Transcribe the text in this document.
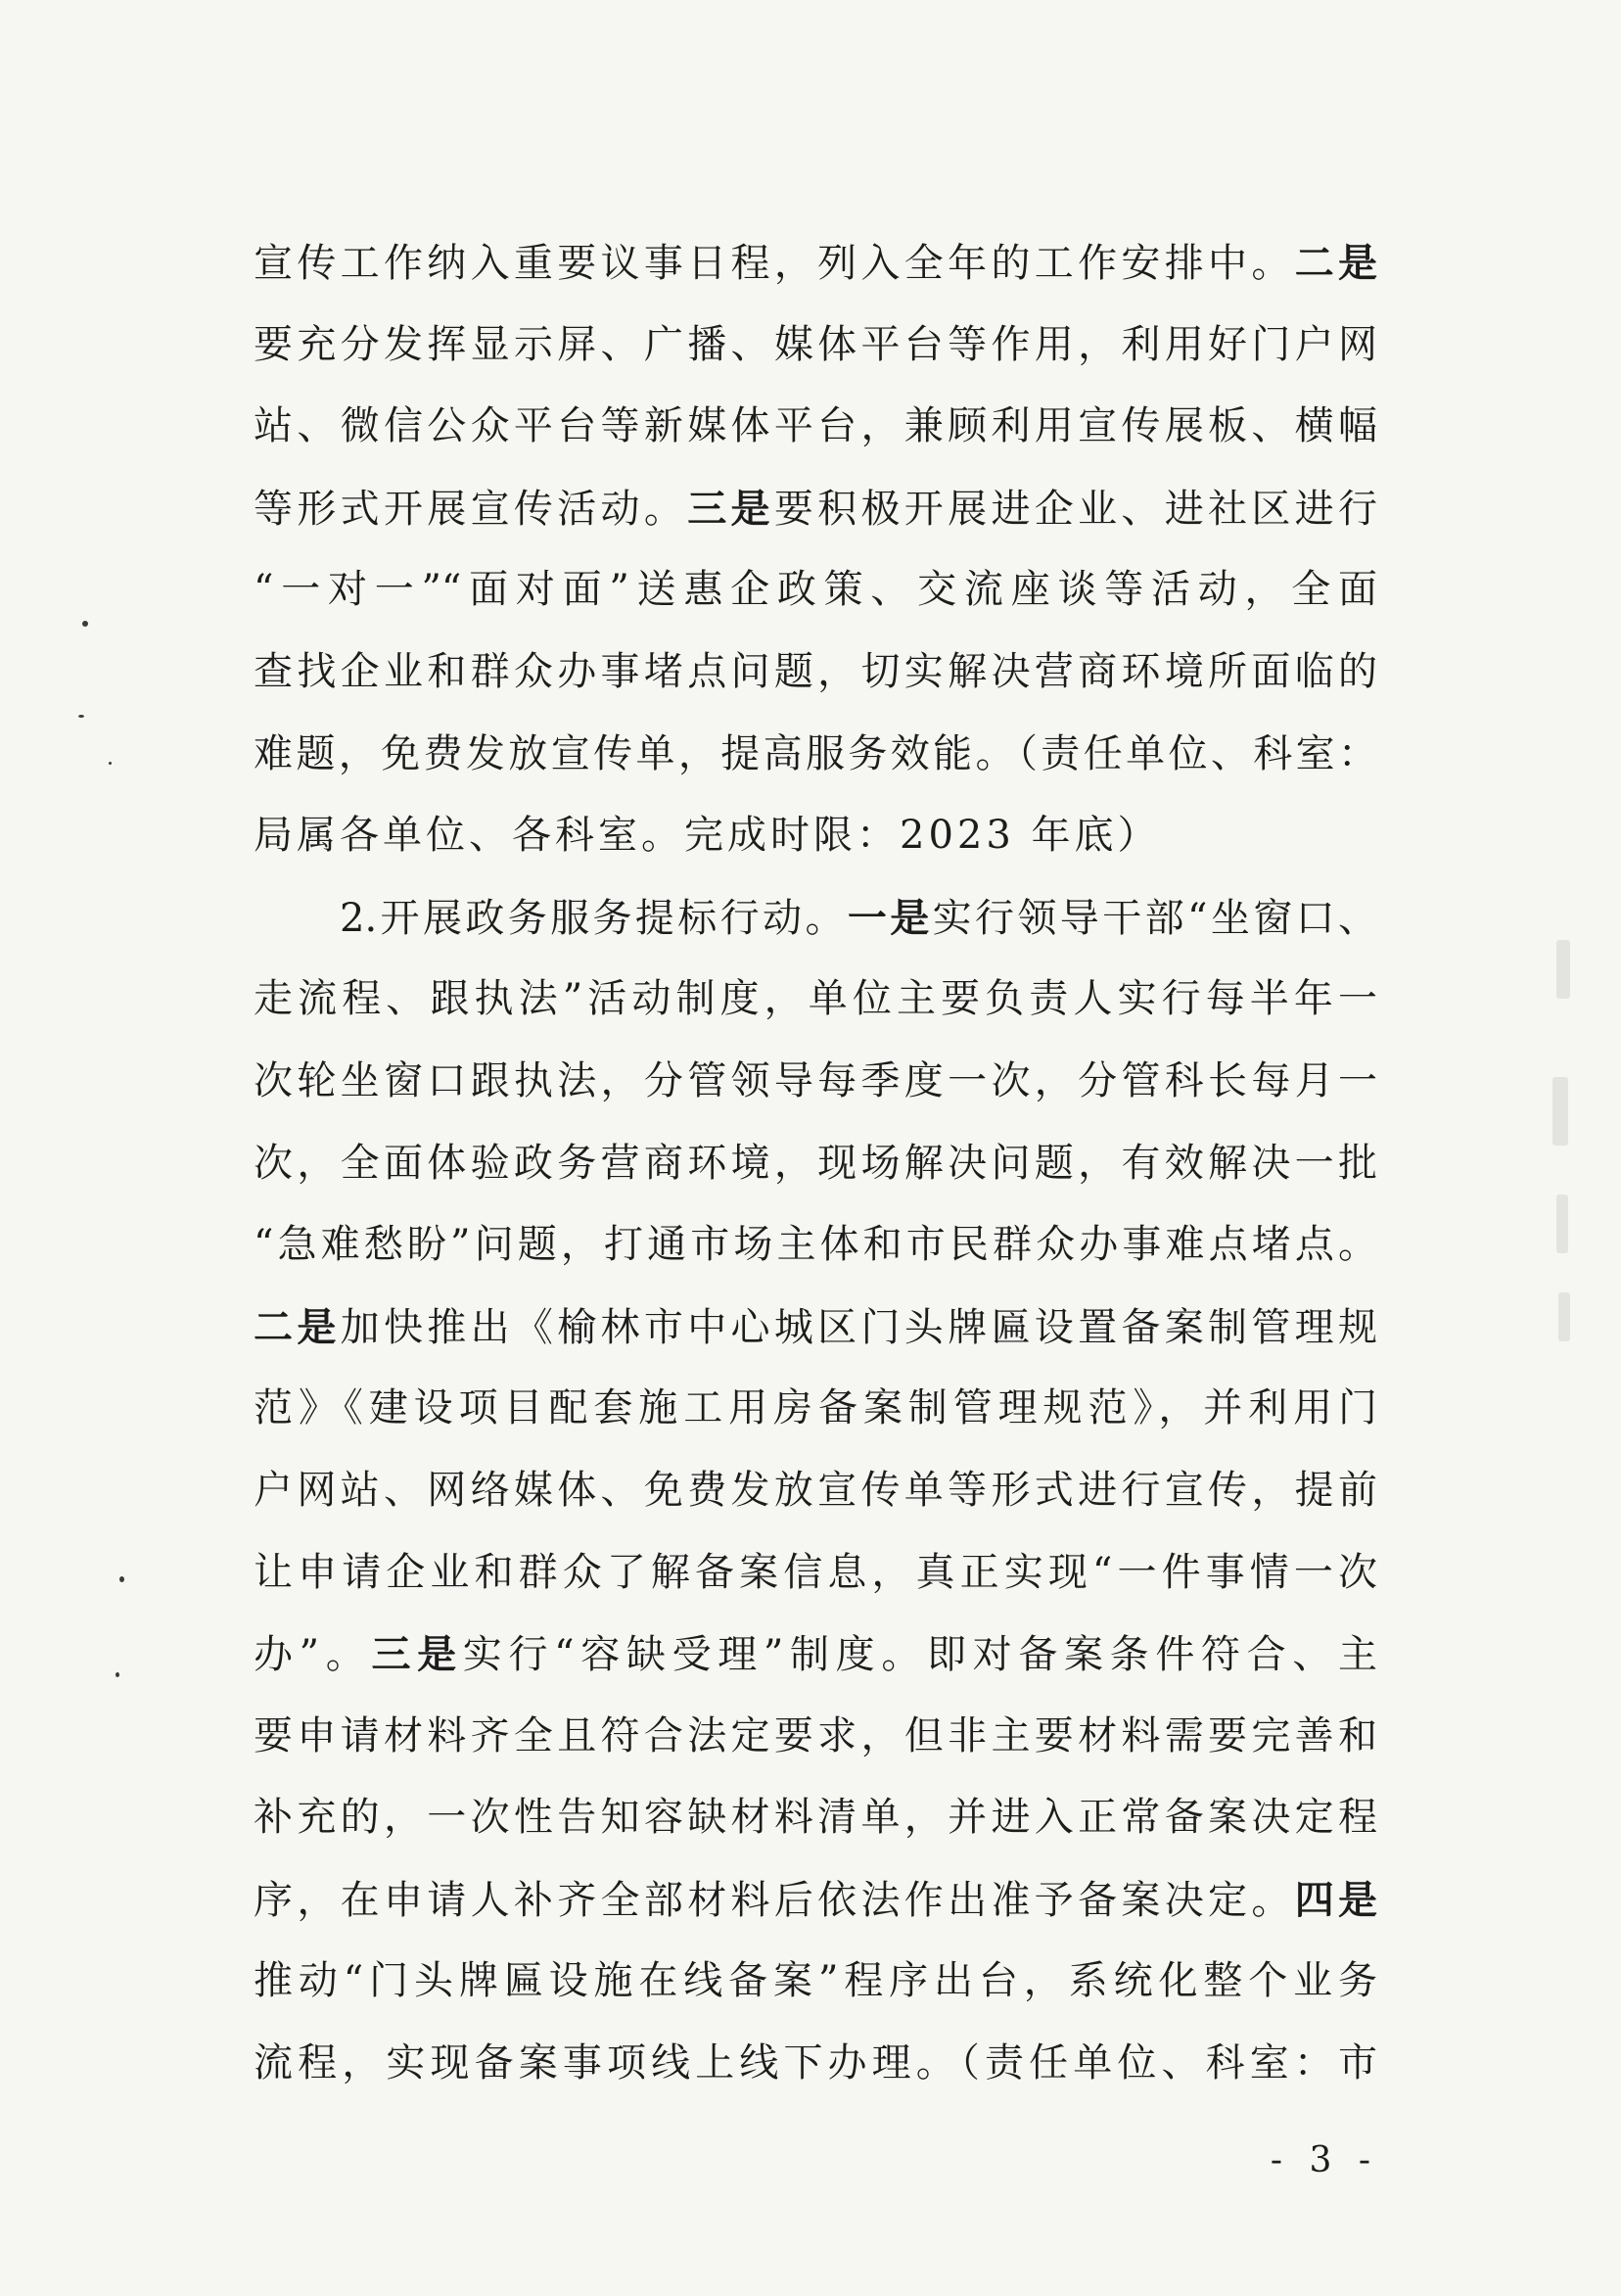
宣传工作纳入重要议事日程，列入全年的工作安排中。二是
要充分发挥显示屏、广播、媒体平台等作用，利用好门户网
站、微信公众平台等新媒体平台，兼顾利用宣传展板、横幅
等形式开展宣传活动。三是要积极开展进企业、进社区进行
“一对一”“面对面”送惠企政策、交流座谈等活动，全面
查找企业和群众办事堵点问题，切实解决营商环境所面临的
难题，免费发放宣传单，提高服务效能。（责任单位、科室：
局属各单位、各科室。完成时限：2023 年底）
2.开展政务服务提标行动。一是实行领导干部“坐窗口、
走流程、跟执法”活动制度，单位主要负责人实行每半年一
次轮坐窗口跟执法，分管领导每季度一次，分管科长每月一
次，全面体验政务营商环境，现场解决问题，有效解决一批
“急难愁盼”问题，打通市场主体和市民群众办事难点堵点。
二是加快推出《榆林市中心城区门头牌匾设置备案制管理规
范》《建设项目配套施工用房备案制管理规范》，并利用门
户网站、网络媒体、免费发放宣传单等形式进行宣传，提前
让申请企业和群众了解备案信息，真正实现“一件事情一次
办”。三是实行“容缺受理”制度。即对备案条件符合、主
要申请材料齐全且符合法定要求，但非主要材料需要完善和
补充的，一次性告知容缺材料清单，并进入正常备案决定程
序，在申请人补齐全部材料后依法作出准予备案决定。四是
推动“门头牌匾设施在线备案”程序出台，系统化整个业务
流程，实现备案事项线上线下办理。（责任单位、科室：市
- 3 -
